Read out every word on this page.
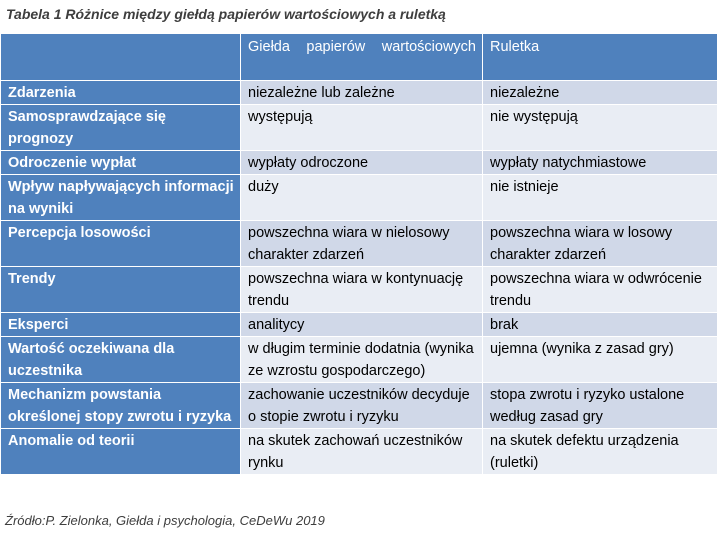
Tabela 1 Różnice między giełdą papierów wartościowych a ruletką
	Giełda papierów wartościowych	Ruletka
Zdarzenia	niezależne lub zależne	niezależne
Samosprawdzające się prognozy	występują	nie występują
Odroczenie wypłat	wypłaty odroczone	wypłaty natychmiastowe
Wpływ napływających informacji na wyniki	duży	nie istnieje
Percepcja losowości	powszechna wiara w nielosowy charakter zdarzeń	powszechna wiara w losowy charakter zdarzeń
Trendy	powszechna wiara w kontynuację trendu	powszechna wiara w odwrócenie trendu
Eksperci	analitycy	brak
Wartość oczekiwana dla uczestnika	w długim terminie dodatnia (wynika ze wzrostu gospodarczego)	ujemna (wynika z zasad gry)
Mechanizm powstania określonej stopy zwrotu i ryzyka	zachowanie uczestników decyduje o stopie zwrotu i ryzyku	stopa zwrotu i ryzyko ustalone według zasad gry
Anomalie od teorii	na skutek zachowań uczestników rynku	na skutek defektu urządzenia (ruletki)
Źródło:P. Zielonka, Giełda i psychologia, CeDeWu 2019
